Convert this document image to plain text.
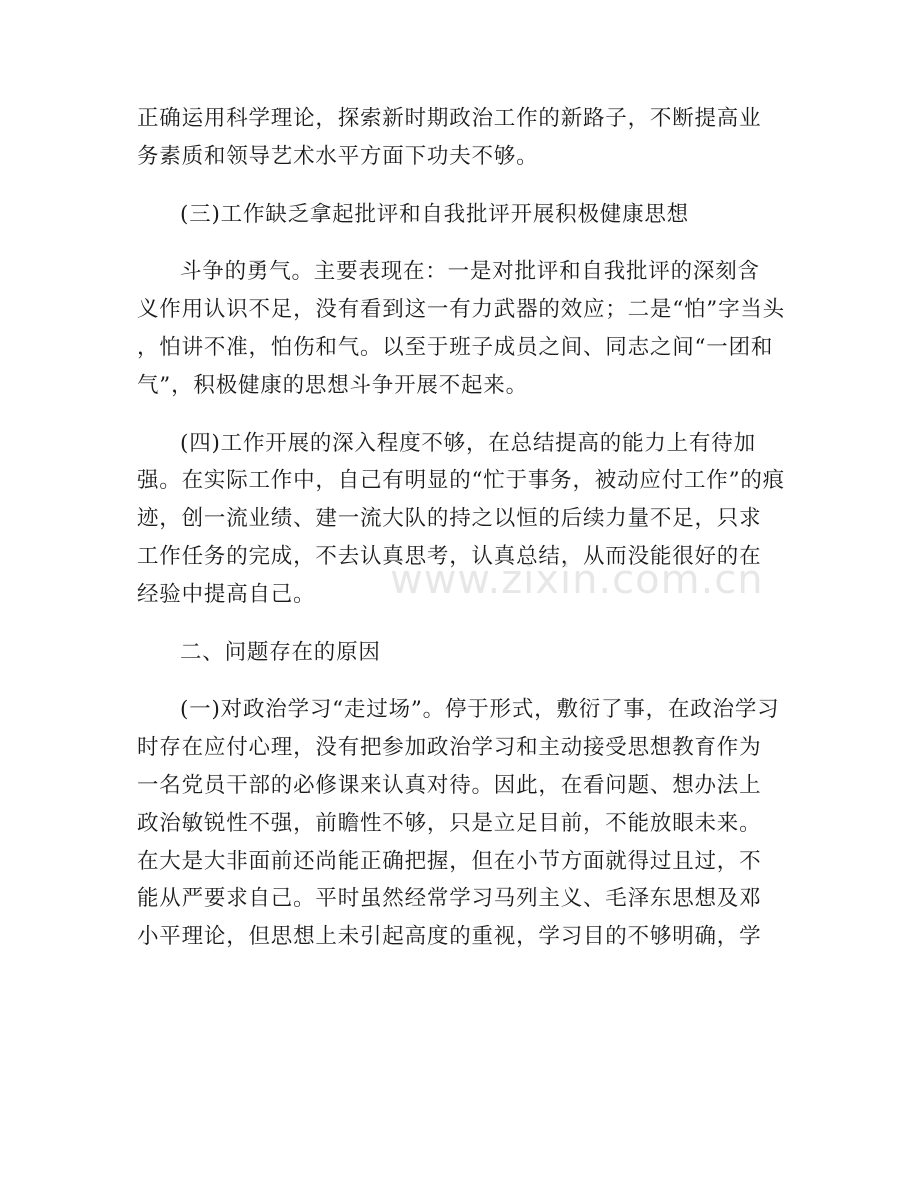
正确运用科学理论，探索新时期政治工作的新路子，不断提高业
务素质和领导艺术水平方面下功夫不够。
(三)工作缺乏拿起批评和自我批评开展积极健康思想
斗争的勇气。主要表现在：一是对批评和自我批评的深刻含
义作用认识不足，没有看到这一有力武器的效应；二是“怕”字当头
，怕讲不准，怕伤和气。以至于班子成员之间、同志之间“一团和
气”，积极健康的思想斗争开展不起来。
(四)工作开展的深入程度不够，在总结提高的能力上有待加
强。在实际工作中，自己有明显的“忙于事务，被动应付工作”的痕
迹，创一流业绩、建一流大队的持之以恒的后续力量不足，只求
工作任务的完成，不去认真思考，认真总结，从而没能很好的在
经验中提高自己。
二、问题存在的原因
(一)对政治学习“走过场”。停于形式，敷衍了事，在政治学习
时存在应付心理，没有把参加政治学习和主动接受思想教育作为
一名党员干部的必修课来认真对待。因此，在看问题、想办法上
政治敏锐性不强，前瞻性不够，只是立足目前，不能放眼未来。
在大是大非面前还尚能正确把握，但在小节方面就得过且过，不
能从严要求自己。平时虽然经常学习马列主义、毛泽东思想及邓
小平理论，但思想上未引起高度的重视，学习目的不够明确，学
www.zixin.com.cn
